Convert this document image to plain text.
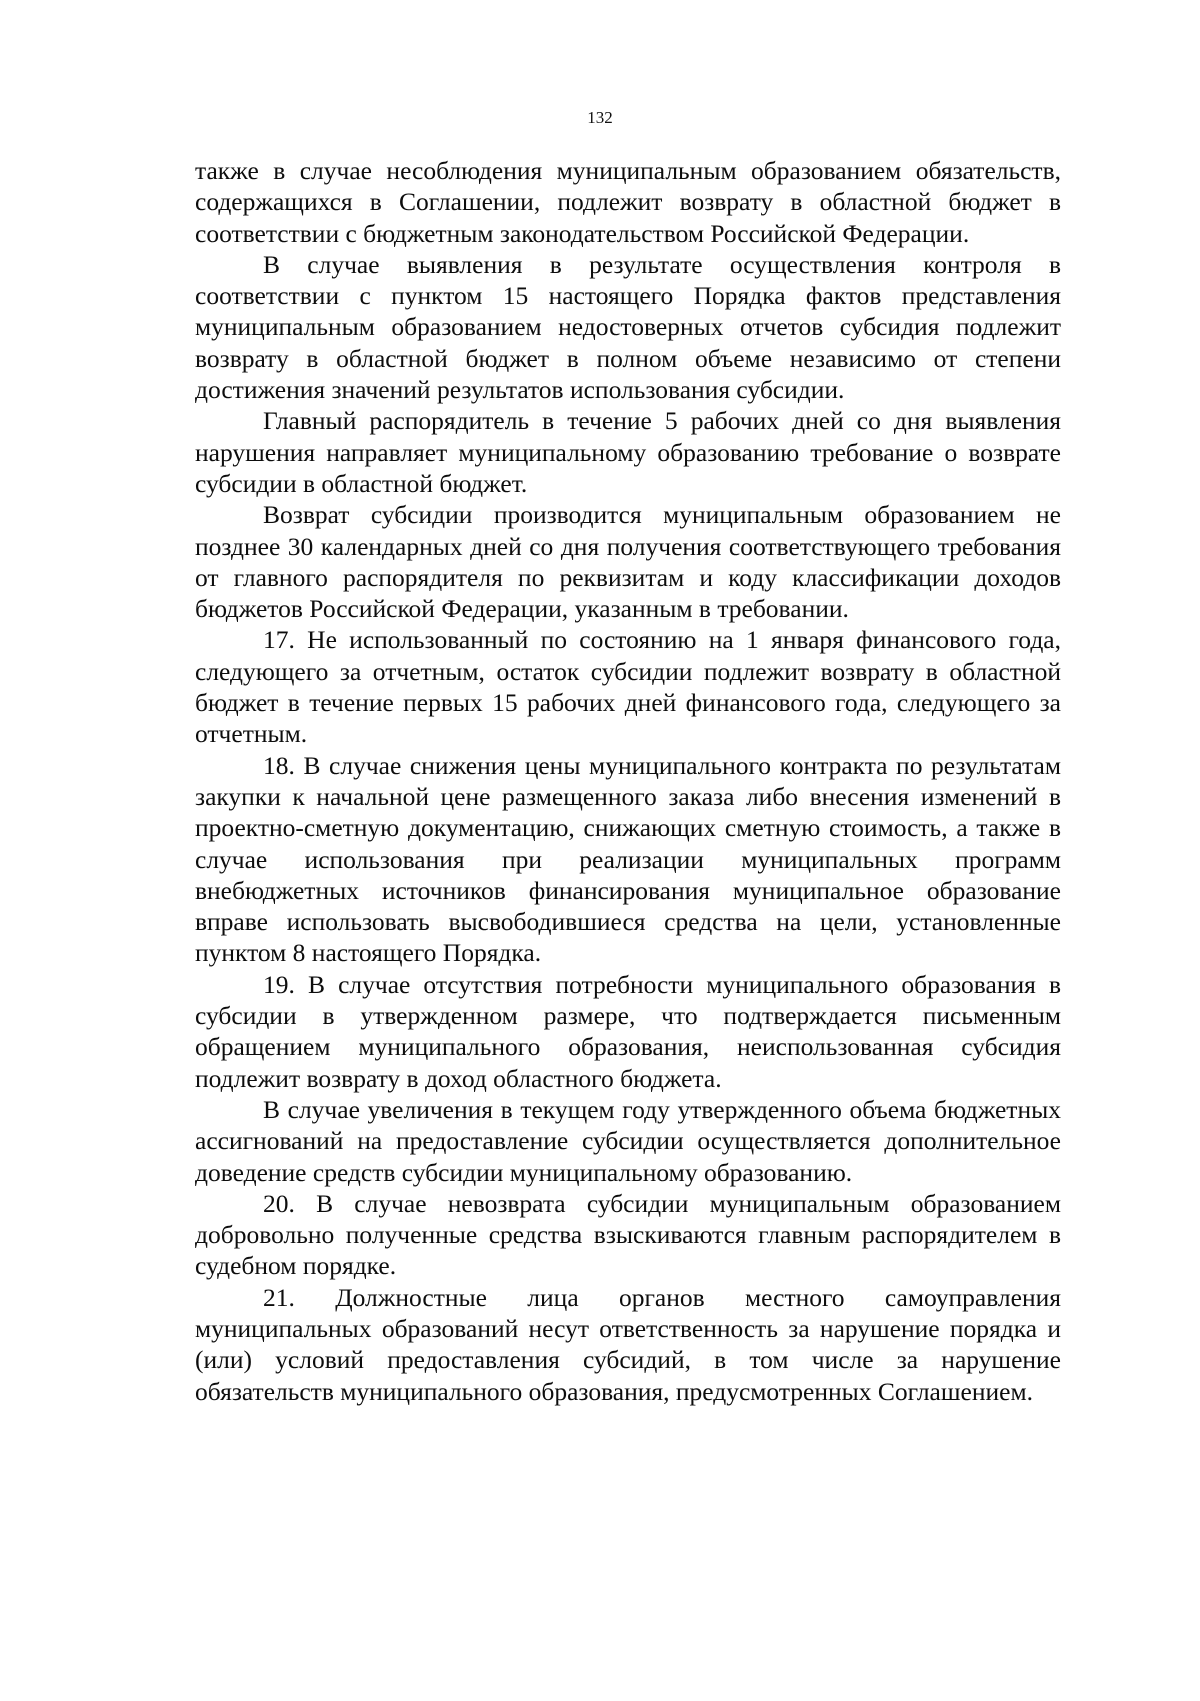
132

также в случае несоблюдения муниципальным образованием обязательств, содержащихся в Соглашении, подлежит возврату в областной бюджет в соответствии с бюджетным законодательством Российской Федерации.

В случае выявления в результате осуществления контроля в соответствии с пунктом 15 настоящего Порядка фактов представления муниципальным образованием недостоверных отчетов субсидия подлежит возврату в областной бюджет в полном объеме независимо от степени достижения значений результатов использования субсидии.

Главный распорядитель в течение 5 рабочих дней со дня выявления нарушения направляет муниципальному образованию требование о возврате субсидии в областной бюджет.

Возврат субсидии производится муниципальным образованием не позднее 30 календарных дней со дня получения соответствующего требования от главного распорядителя по реквизитам и коду классификации доходов бюджетов Российской Федерации, указанным в требовании.

17. Не использованный по состоянию на 1 января финансового года, следующего за отчетным, остаток субсидии подлежит возврату в областной бюджет в течение первых 15 рабочих дней финансового года, следующего за отчетным.

18. В случае снижения цены муниципального контракта по результатам закупки к начальной цене размещенного заказа либо внесения изменений в проектно-сметную документацию, снижающих сметную стоимость, а также в случае использования при реализации муниципальных программ внебюджетных источников финансирования муниципальное образование вправе использовать высвободившиеся средства на цели, установленные пунктом 8 настоящего Порядка.

19. В случае отсутствия потребности муниципального образования в субсидии в утвержденном размере, что подтверждается письменным обращением муниципального образования, неиспользованная субсидия подлежит возврату в доход областного бюджета.

В случае увеличения в текущем году утвержденного объема бюджетных ассигнований на предоставление субсидии осуществляется дополнительное доведение средств субсидии муниципальному образованию.

20. В случае невозврата субсидии муниципальным образованием добровольно полученные средства взыскиваются главным распорядителем в судебном порядке.

21. Должностные лица органов местного самоуправления муниципальных образований несут ответственность за нарушение порядка и (или) условий предоставления субсидий, в том числе за нарушение обязательств муниципального образования, предусмотренных Соглашением.
